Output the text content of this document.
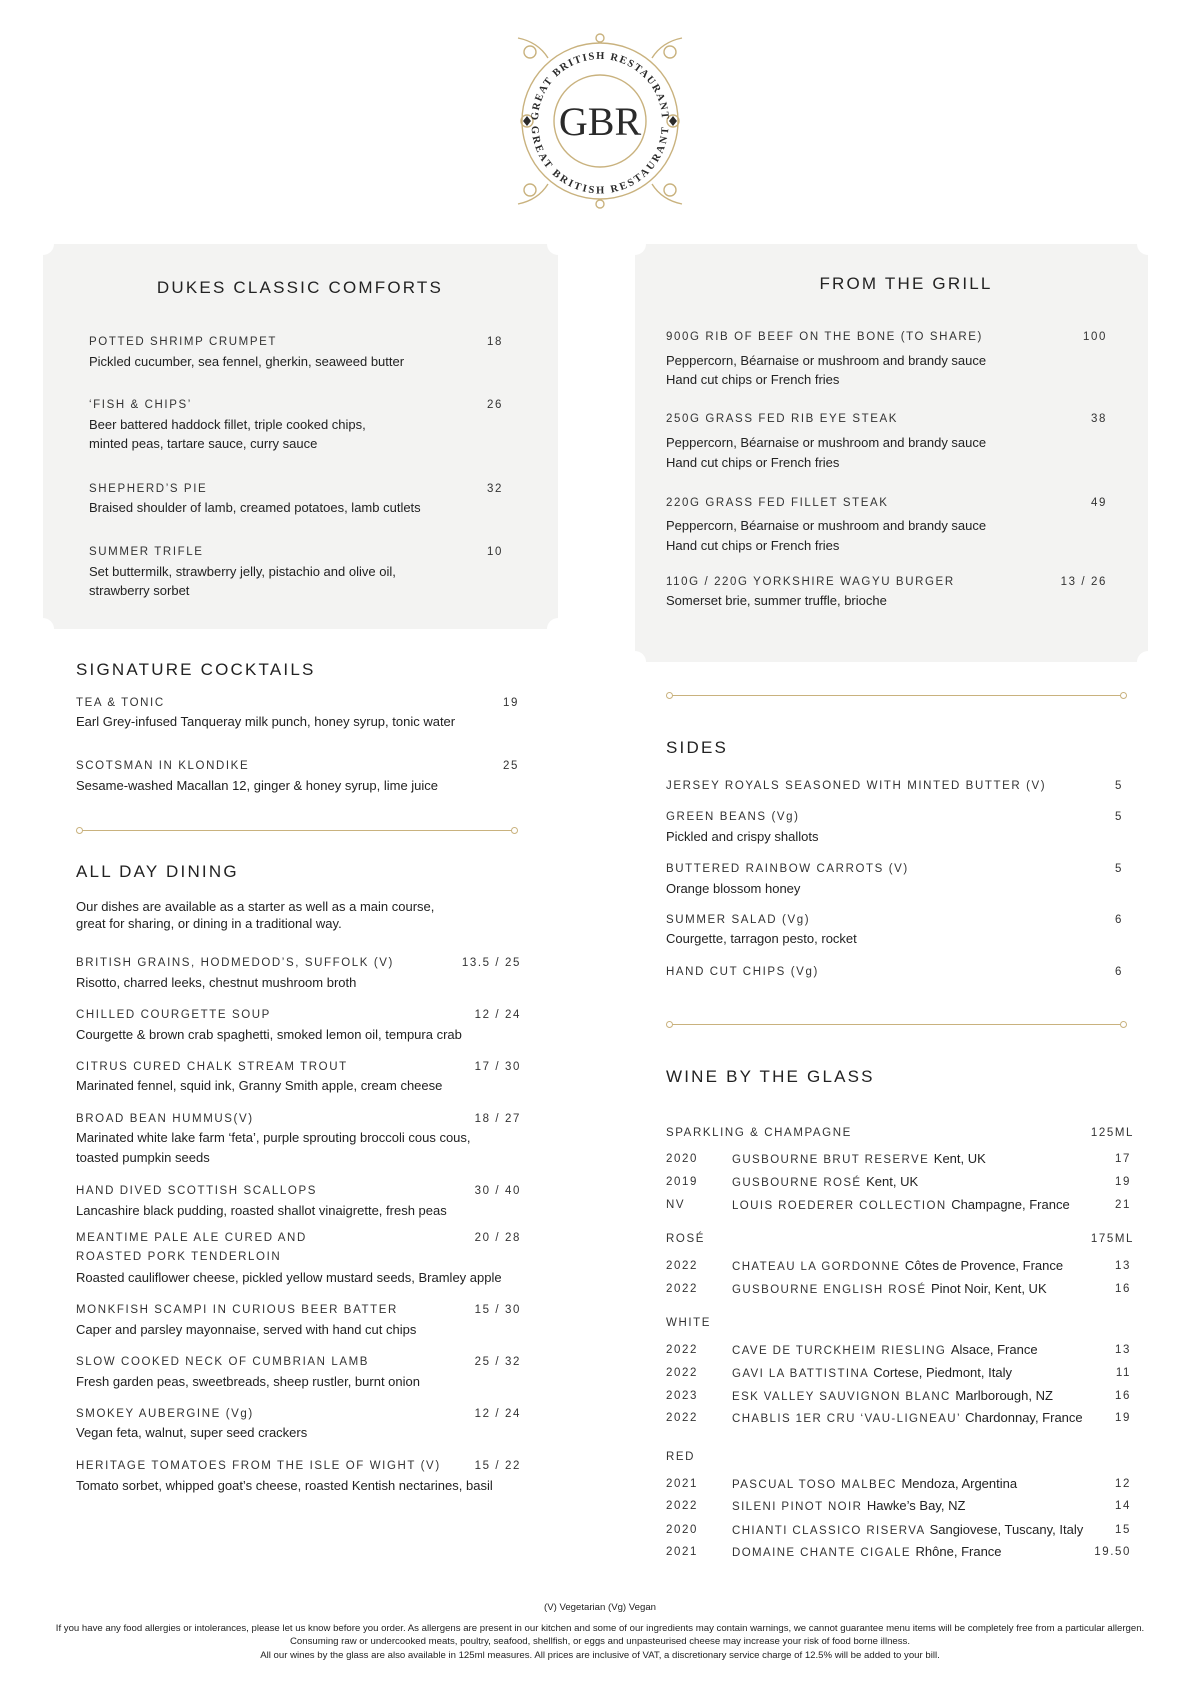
GREAT BRITISH RESTAURANT
GREAT BRITISH RESTAURANT
GBR
DUKES CLASSIC COMFORTS
POTTED SHRIMP CRUMPET	18
Pickled cucumber, sea fennel, gherkin, seaweed butter
‘FISH & CHIPS’	26
Beer battered haddock fillet, triple cooked chips,
minted peas, tartare sauce, curry sauce
SHEPHERD’S PIE	32
Braised shoulder of lamb, creamed potatoes, lamb cutlets
SUMMER TRIFLE	10
Set buttermilk, strawberry jelly, pistachio and olive oil,
strawberry sorbet
FROM THE GRILL
900G RIB OF BEEF ON THE BONE (TO SHARE)	100
Peppercorn, Béarnaise or mushroom and brandy sauce
Hand cut chips or French fries
250G GRASS FED RIB EYE STEAK	38
Peppercorn, Béarnaise or mushroom and brandy sauce
Hand cut chips or French fries
220G GRASS FED FILLET STEAK	49
Peppercorn, Béarnaise or mushroom and brandy sauce
Hand cut chips or French fries
110G / 220G YORKSHIRE WAGYU BURGER	13 / 26
Somerset brie, summer truffle, brioche
SIGNATURE COCKTAILS
TEA & TONIC	19
Earl Grey-infused Tanqueray milk punch, honey syrup, tonic water
SCOTSMAN IN KLONDIKE	25
Sesame-washed Macallan 12, ginger & honey syrup, lime juice
ALL DAY DINING
Our dishes are available as a starter as well as a main course,
great for sharing, or dining in a traditional way.
BRITISH GRAINS, HODMEDOD’S, SUFFOLK (V)	13.5 / 25
Risotto, charred leeks, chestnut mushroom broth
CHILLED COURGETTE SOUP	12 / 24
Courgette & brown crab spaghetti, smoked lemon oil, tempura crab
CITRUS CURED CHALK STREAM TROUT	17 / 30
Marinated fennel, squid ink, Granny Smith apple, cream cheese
BROAD BEAN HUMMUS(V)	18 / 27
Marinated white lake farm ‘feta’, purple sprouting broccoli cous cous,
toasted pumpkin seeds
HAND DIVED SCOTTISH SCALLOPS	30 / 40
Lancashire black pudding, roasted shallot vinaigrette, fresh peas
MEANTIME PALE ALE CURED AND	20 / 28
ROASTED PORK TENDERLOIN
Roasted cauliflower cheese, pickled yellow mustard seeds, Bramley apple
MONKFISH SCAMPI IN CURIOUS BEER BATTER	15 / 30
Caper and parsley mayonnaise, served with hand cut chips
SLOW COOKED NECK OF CUMBRIAN LAMB	25 / 32
Fresh garden peas, sweetbreads, sheep rustler, burnt onion
SMOKEY AUBERGINE (Vg)	12 / 24
Vegan feta, walnut, super seed crackers
HERITAGE TOMATOES FROM THE ISLE OF WIGHT (V)	15 / 22
Tomato sorbet, whipped goat’s cheese, roasted Kentish nectarines, basil
SIDES
JERSEY ROYALS SEASONED WITH MINTED BUTTER (V)	5
GREEN BEANS (Vg)	5
Pickled and crispy shallots
BUTTERED RAINBOW CARROTS (V)	5
Orange blossom honey
SUMMER SALAD (Vg)	6
Courgette, tarragon pesto, rocket
HAND CUT CHIPS (Vg)	6
WINE BY THE GLASS
SPARKLING & CHAMPAGNE	125ML
2020	GUSBOURNE BRUT RESERVE Kent, UK	17
2019	GUSBOURNE ROSÉ Kent, UK	19
NV	LOUIS ROEDERER COLLECTION Champagne, France	21
ROSÉ	175ML
2022	CHATEAU LA GORDONNE Côtes de Provence, France	13
2022	GUSBOURNE ENGLISH ROSÉ Pinot Noir, Kent, UK	16
WHITE
2022	CAVE DE TURCKHEIM RIESLING Alsace, France	13
2022	GAVI LA BATTISTINA Cortese, Piedmont, Italy	11
2023	ESK VALLEY SAUVIGNON BLANC Marlborough, NZ	16
2022	CHABLIS 1ER CRU ‘VAU-LIGNEAU’ Chardonnay, France	19
RED
2021	PASCUAL TOSO MALBEC Mendoza, Argentina	12
2022	SILENI PINOT NOIR Hawke’s Bay, NZ	14
2020	CHIANTI CLASSICO RISERVA Sangiovese, Tuscany, Italy	15
2021	DOMAINE CHANTE CIGALE Rhône, France	19.50
(V) Vegetarian (Vg) Vegan
If you have any food allergies or intolerances, please let us know before you order. As allergens are present in our kitchen and some of our ingredients may contain warnings, we cannot guarantee menu items will be completely free from a particular allergen.
Consuming raw or undercooked meats, poultry, seafood, shellfish, or eggs and unpasteurised cheese may increase your risk of food borne illness.
All our wines by the glass are also available in 125ml measures. All prices are inclusive of VAT, a discretionary service charge of 12.5% will be added to your bill.
